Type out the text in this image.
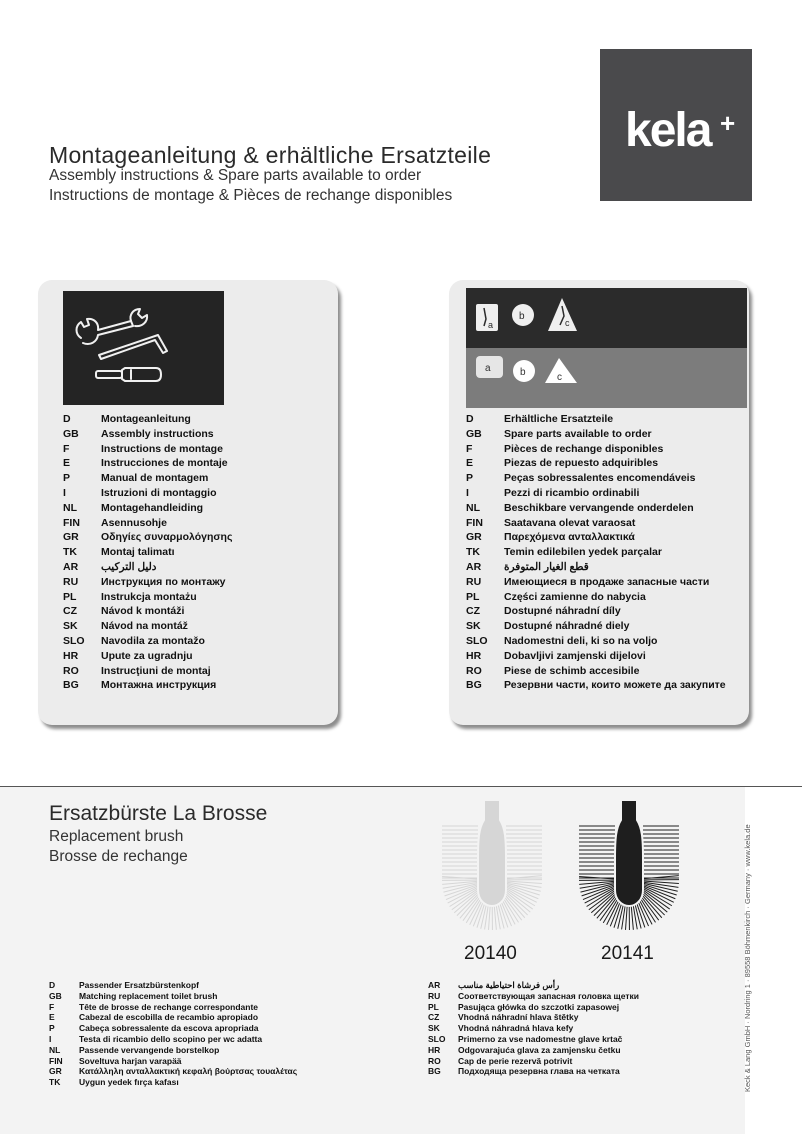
kela +
Montageanleitung & erhältliche Ersatzteile
Assembly instructions & Spare parts available to order
Instructions de montage & Pièces de rechange disponibles
D	Montageanleitung
GB	Assembly instructions
F	Instructions de montage
E	Instrucciones de montaje
P	Manual de montagem
I	Istruzioni di montaggio
NL	Montagehandleiding
FIN	Asennusohje
GR	Οδηγίες συναρμολόγησης
TK	Montaj talimatı
AR	دليل التركيب
RU	Инструкция по монтажу
PL	Instrukcja montażu
CZ	Návod k montáži
SK	Návod na montáž
SLO	Navodila za montažo
HR	Upute za ugradnju
RO	Instrucţiuni de montaj
BG	Монтажна инструкция
a
b
c
a	b	c
D	Erhältliche Ersatzteile
GB	Spare parts available to order
F	Pièces de rechange disponibles
E	Piezas de repuesto adquiribles
P	Peças sobressalentes encomendáveis
I	Pezzi di ricambio ordinabili
NL	Beschikbare vervangende onderdelen
FIN	Saatavana olevat varaosat
GR	Παρεχόμενα ανταλλακτικά
TK	Temin edilebilen yedek parçalar
AR	قطع الغيار المتوفرة
RU	Имеющиеся в продаже запасные части
PL	Części zamienne do nabycia
CZ	Dostupné náhradní díly
SK	Dostupné náhradné diely
SLO	Nadomestni deli, ki so na voljo
HR	Dobavljivi zamjenski dijelovi
RO	Piese de schimb accesibile
BG	Резервни части, които можете да закупите
Ersatzbürste La Brosse
Replacement brush
Brosse de rechange
20140	20141	Keck & Lang GmbH · Nordring 1 · 89558 Böhmenkirch · Germany · www.kela.de
D	Passender Ersatzbürstenkopf
GB	Matching replacement toilet brush
F	Tête de brosse de rechange correspondante
E	Cabezal de escobilla de recambio apropiado
P	Cabeça sobressalente da escova apropriada
I	Testa di ricambio dello scopino per wc adatta
NL	Passende vervangende borstelkop
FIN	Soveltuva harjan varapää
GR	Κατάλληλη ανταλλακτική κεφαλή βούρτσας τουαλέτας
TK	Uygun yedek fırça kafası
AR	رأس فرشاة احتياطية مناسب
RU	Соответствующая запасная головка щетки
PL	Pasująca główka do szczotki zapasowej
CZ	Vhodná náhradní hlava štětky
SK	Vhodná náhradná hlava kefy
SLO	Primerno za vse nadomestne glave krtač
HR	Odgovarajuća glava za zamjensku četku
RO	Cap de perie rezervă potrivit
BG	Подходяща резервна глава на четката
